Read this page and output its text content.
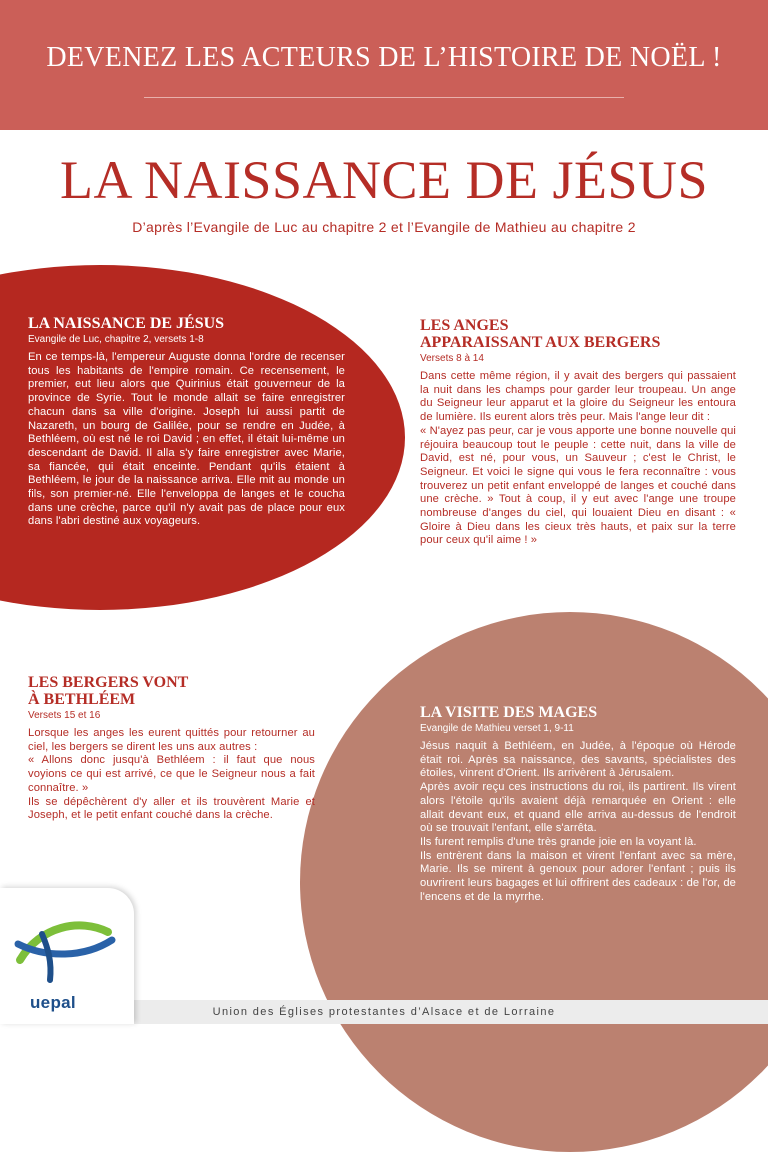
DEVENEZ LES ACTEURS DE L’HISTOIRE DE NOËL !
LA NAISSANCE DE JÉSUS
D’après l’Evangile de Luc au chapitre 2 et l’Evangile de Mathieu au chapitre 2
LA NAISSANCE DE JÉSUS
Evangile de Luc, chapitre 2, versets 1-8

En ce temps-là, l'empereur Auguste donna l'ordre de recenser tous les habitants de l'empire romain. Ce recensement, le premier, eut lieu alors que Quirinius était gouverneur de la province de Syrie. Tout le monde allait se faire enregistrer chacun dans sa ville d'origine. Joseph lui aussi partit de Nazareth, un bourg de Galilée, pour se rendre en Judée, à Bethléem, où est né le roi David ; en effet, il était lui-même un descendant de David. Il alla s'y faire enregistrer avec Marie, sa fiancée, qui était enceinte. Pendant qu'ils étaient à Bethléem, le jour de la naissance arriva. Elle mit au monde un fils, son premier-né. Elle l'enveloppa de langes et le coucha dans une crèche, parce qu'il n'y avait pas de place pour eux dans l'abri destiné aux voyageurs.

LES ANGES
APPARAISSANT AUX BERGERS
Versets 8 à 14

Dans cette même région, il y avait des bergers qui passaient la nuit dans les champs pour garder leur troupeau. Un ange du Seigneur leur apparut et la gloire du Seigneur les entoura de lumière. Ils eurent alors très peur. Mais l'ange leur dit :

« N'ayez pas peur, car je vous apporte une bonne nouvelle qui réjouira beaucoup tout le peuple : cette nuit, dans la ville de David, est né, pour vous, un Sauveur ; c'est le Christ, le Seigneur. Et voici le signe qui vous le fera reconnaître : vous trouverez un petit enfant enveloppé de langes et couché dans une crèche. » Tout à coup, il y eut avec l'ange une troupe nombreuse d'anges du ciel, qui louaient Dieu en disant : « Gloire à Dieu dans les cieux très hauts, et paix sur la terre pour ceux qu'il aime ! »

LES BERGERS VONT
À BETHLÉEM
Versets 15 et 16

Lorsque les anges les eurent quittés pour retourner au ciel, les bergers se dirent les uns aux autres :

« Allons donc jusqu'à Bethléem : il faut que nous voyions ce qui est arrivé, ce que le Seigneur nous a fait connaître. »

Ils se dépêchèrent d'y aller et ils trouvèrent Marie et Joseph, et le petit enfant couché dans la crèche.

LA VISITE DES MAGES
Evangile de Mathieu verset 1, 9-11

Jésus naquit à Bethléem, en Judée, à l'époque où Hérode était roi. Après sa naissance, des savants, spécialistes des étoiles, vinrent d'Orient. Ils arrivèrent à Jérusalem.

Après avoir reçu ces instructions du roi, ils partirent. Ils virent alors l'étoile qu'ils avaient déjà remarquée en Orient : elle allait devant eux, et quand elle arriva au-dessus de l'endroit où se trouvait l'enfant, elle s'arrêta.

Ils furent remplis d'une très grande joie en la voyant là.

Ils entrèrent dans la maison et virent l'enfant avec sa mère, Marie. Ils se mirent à genoux pour adorer l'enfant ; puis ils ouvrirent leurs bagages et lui offrirent des cadeaux : de l'or, de l'encens et de la myrrhe.

Union des Églises protestantes d’Alsace et de Lorraine
uepal
